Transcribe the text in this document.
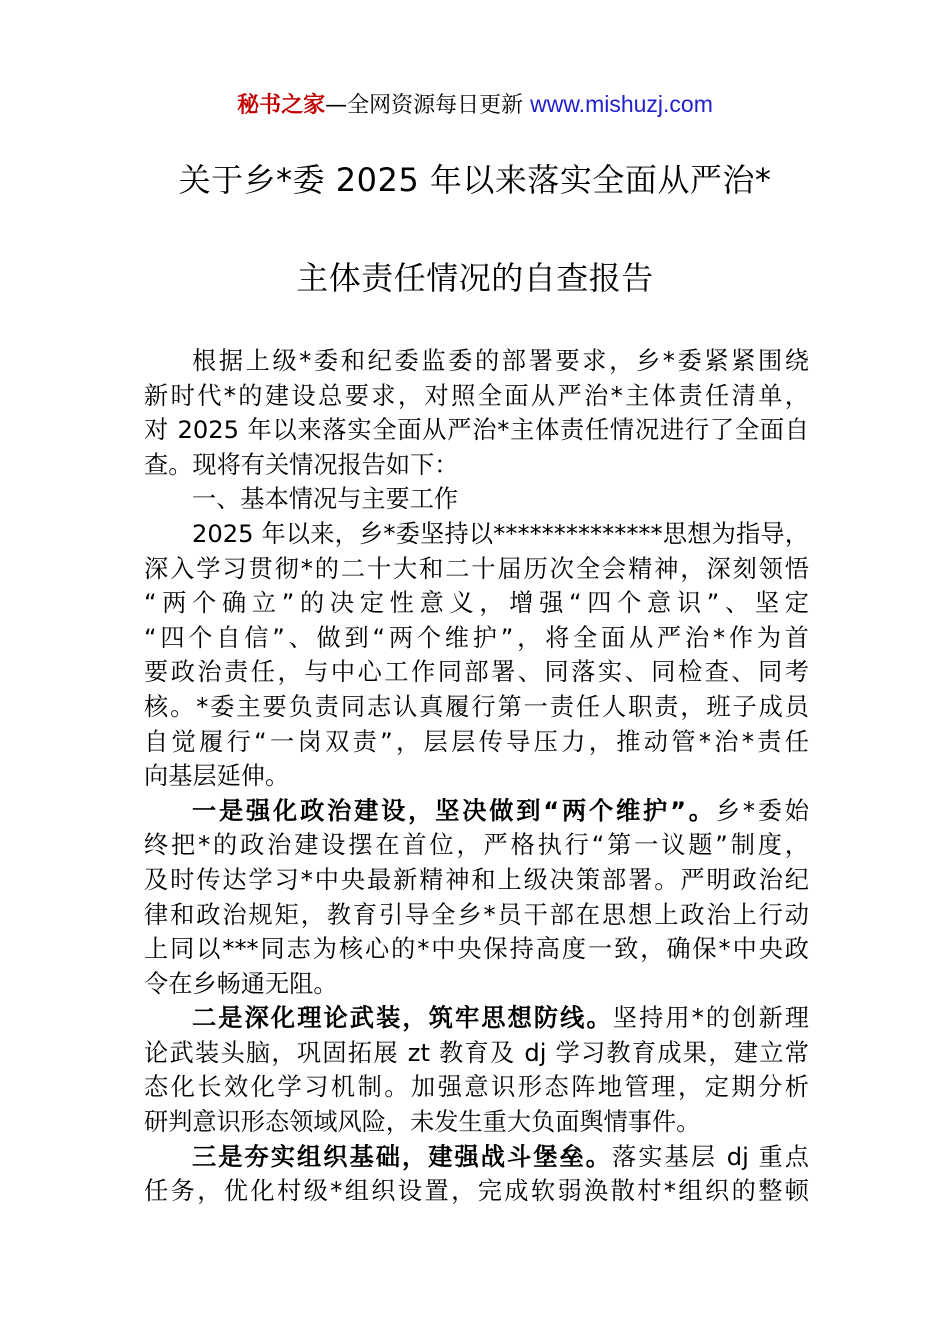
秘书之家—全网资源每日更新 www.mishuzj.com
关于乡*委 2025 年以来落实全面从严治*
主体责任情况的自查报告
根据上级*委和纪委监委的部署要求，乡*委紧紧围绕
新时代*的建设总要求，对照全面从严治*主体责任清单，
对 2025 年以来落实全面从严治*主体责任情况进行了全面自
查。现将有关情况报告如下：
一、基本情况与主要工作
2025 年以来，乡*委坚持以**************思想为指导，
深入学习贯彻*的二十大和二十届历次全会精神，深刻领悟
“两个确立”的决定性意义，增强“四个意识”、坚定
“四个自信”、做到“两个维护”，将全面从严治*作为首
要政治责任，与中心工作同部署、同落实、同检查、同考
核。*委主要负责同志认真履行第一责任人职责，班子成员
自觉履行“一岗双责”，层层传导压力，推动管*治*责任
向基层延伸。
一是强化政治建设，坚决做到“两个维护”。乡*委始
终把*的政治建设摆在首位，严格执行“第一议题”制度，
及时传达学习*中央最新精神和上级决策部署。严明政治纪
律和政治规矩，教育引导全乡*员干部在思想上政治上行动
上同以***同志为核心的*中央保持高度一致，确保*中央政
令在乡畅通无阻。
二是深化理论武装，筑牢思想防线。坚持用*的创新理
论武装头脑，巩固拓展 zt 教育及 dj 学习教育成果，建立常
态化长效化学习机制。加强意识形态阵地管理，定期分析
研判意识形态领域风险，未发生重大负面舆情事件。
三是夯实组织基础，建强战斗堡垒。落实基层 dj 重点
任务，优化村级*组织设置，完成软弱涣散村*组织的整顿
